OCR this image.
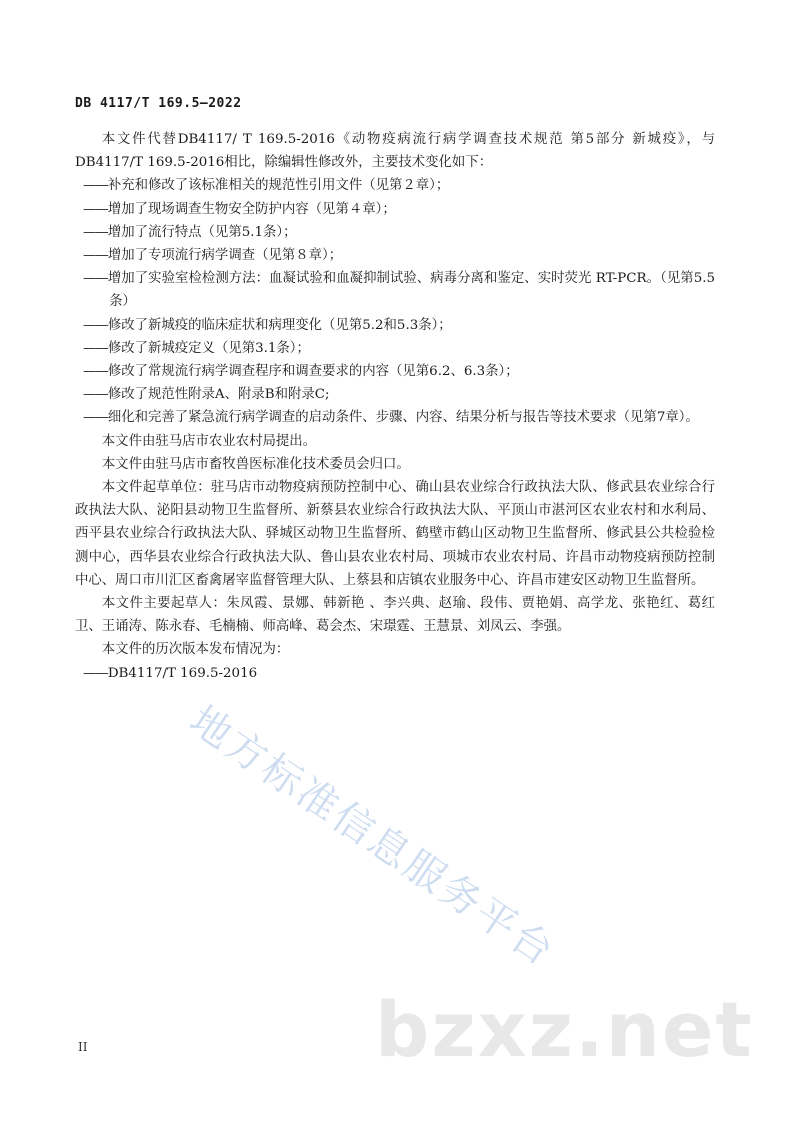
DB 4117/T 169.5—2022

本文件代替DB4117/ T 169.5-2016《动物疫病流行病学调查技术规范 第5部分 新城疫》，与DB4117/T 169.5-2016相比，除编辑性修改外，主要技术变化如下：

——补充和修改了该标准相关的规范性引用文件（见第２章）；

——增加了现场调查生物安全防护内容（见第４章）；

——增加了流行特点（见第5.1条）；

——增加了专项流行病学调查（见第８章）；

——增加了实验室检检测方法：血凝试验和血凝抑制试验、病毒分离和鉴定、实时荧光 RT-PCR。（见第5.5条）

——修改了新城疫的临床症状和病理变化（见第5.2和5.3条）；

——修改了新城疫定义（见第3.1条）；

——修改了常规流行病学调查程序和调查要求的内容（见第6.2、6.3条）；

——修改了规范性附录A、附录B和附录C;

——细化和完善了紧急流行病学调查的启动条件、步骤、内容、结果分析与报告等技术要求（见第7章）。

本文件由驻马店市农业农村局提出。

本文件由驻马店市畜牧兽医标准化技术委员会归口。

本文件起草单位：驻马店市动物疫病预防控制中心、确山县农业综合行政执法大队、修武县农业综合行政执法大队、泌阳县动物卫生监督所、新蔡县农业综合行政执法大队、平顶山市湛河区农业农村和水利局、西平县农业综合行政执法大队、驿城区动物卫生监督所、鹤壁市鹤山区动物卫生监督所、修武县公共检验检测中心，西华县农业综合行政执法大队、鲁山县农业农村局、项城市农业农村局、许昌市动物疫病预防控制中心、周口市川汇区畜禽屠宰监督管理大队、上蔡县和店镇农业服务中心、许昌市建安区动物卫生监督所。

本文件主要起草人：朱凤霞、景娜、韩新艳 、李兴典、赵瑜、段伟、贾艳娟、高学龙、张艳红、葛红卫、王诵涛、陈永春、毛楠楠、师高峰、葛会杰、宋璟霆、王慧景、刘凤云、李强。

本文件的历次版本发布情况为：

——DB4117/T 169.5-2016

地方标准信息服务平台
bzxz.net
II
